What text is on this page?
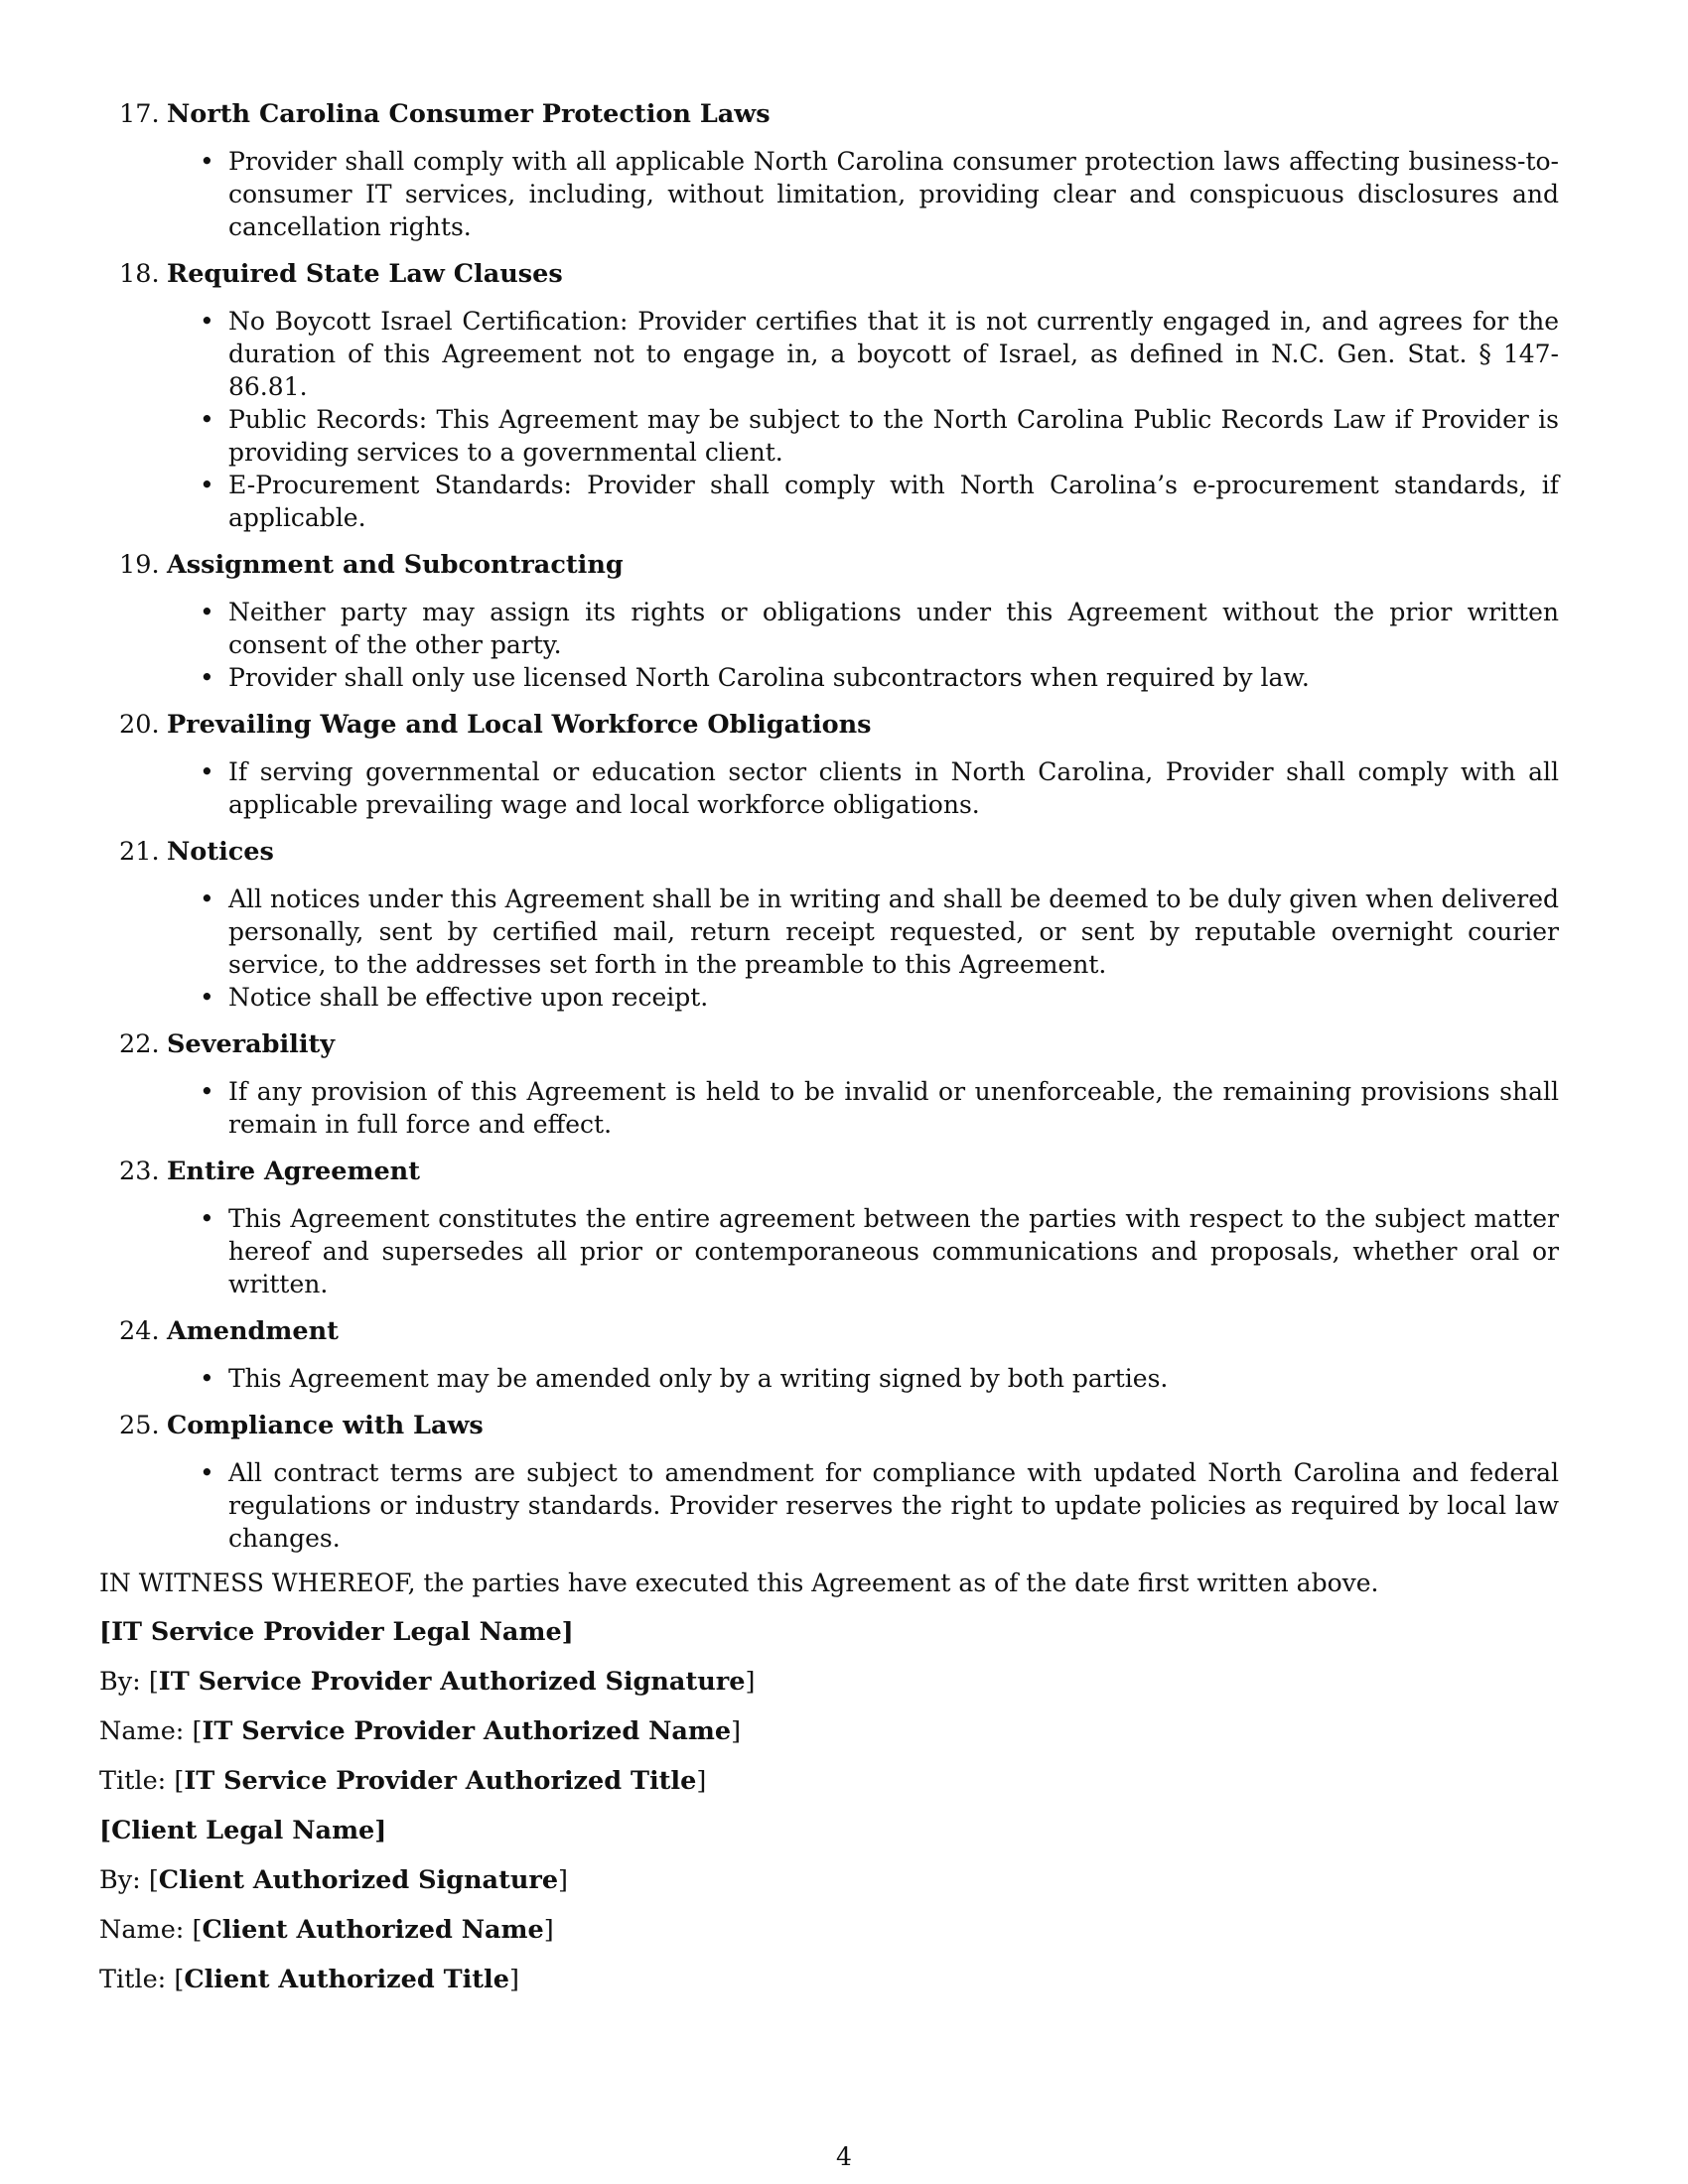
17. North Carolina Consumer Protection Laws
• Provider shall comply with all applicable North Carolina consumer protection laws affecting business-to-consumer IT services, including, without limitation, providing clear and conspicuous disclosures and cancellation rights.
18. Required State Law Clauses
• No Boycott Israel Certification: Provider certifies that it is not currently engaged in, and agrees for the duration of this Agreement not to engage in, a boycott of Israel, as defined in N.C. Gen. Stat. § 147-86.81.
• Public Records: This Agreement may be subject to the North Carolina Public Records Law if Provider is providing services to a governmental client.
• E-Procurement Standards: Provider shall comply with North Carolina’s e-procurement standards, if applicable.
19. Assignment and Subcontracting
• Neither party may assign its rights or obligations under this Agreement without the prior written consent of the other party.
• Provider shall only use licensed North Carolina subcontractors when required by law.
20. Prevailing Wage and Local Workforce Obligations
• If serving governmental or education sector clients in North Carolina, Provider shall comply with all applicable prevailing wage and local workforce obligations.
21. Notices
• All notices under this Agreement shall be in writing and shall be deemed to be duly given when delivered personally, sent by certified mail, return receipt requested, or sent by reputable overnight courier service, to the addresses set forth in the preamble to this Agreement.
• Notice shall be effective upon receipt.
22. Severability
• If any provision of this Agreement is held to be invalid or unenforceable, the remaining provisions shall remain in full force and effect.
23. Entire Agreement
• This Agreement constitutes the entire agreement between the parties with respect to the subject matter hereof and supersedes all prior or contemporaneous communications and proposals, whether oral or written.
24. Amendment
• This Agreement may be amended only by a writing signed by both parties.
25. Compliance with Laws
• All contract terms are subject to amendment for compliance with updated North Carolina and federal regulations or industry standards. Provider reserves the right to update policies as required by local law changes.
IN WITNESS WHEREOF, the parties have executed this Agreement as of the date first written above.
[IT Service Provider Legal Name]
By: [IT Service Provider Authorized Signature]
Name: [IT Service Provider Authorized Name]
Title: [IT Service Provider Authorized Title]
[Client Legal Name]
By: [Client Authorized Signature]
Name: [Client Authorized Name]
Title: [Client Authorized Title]
4
